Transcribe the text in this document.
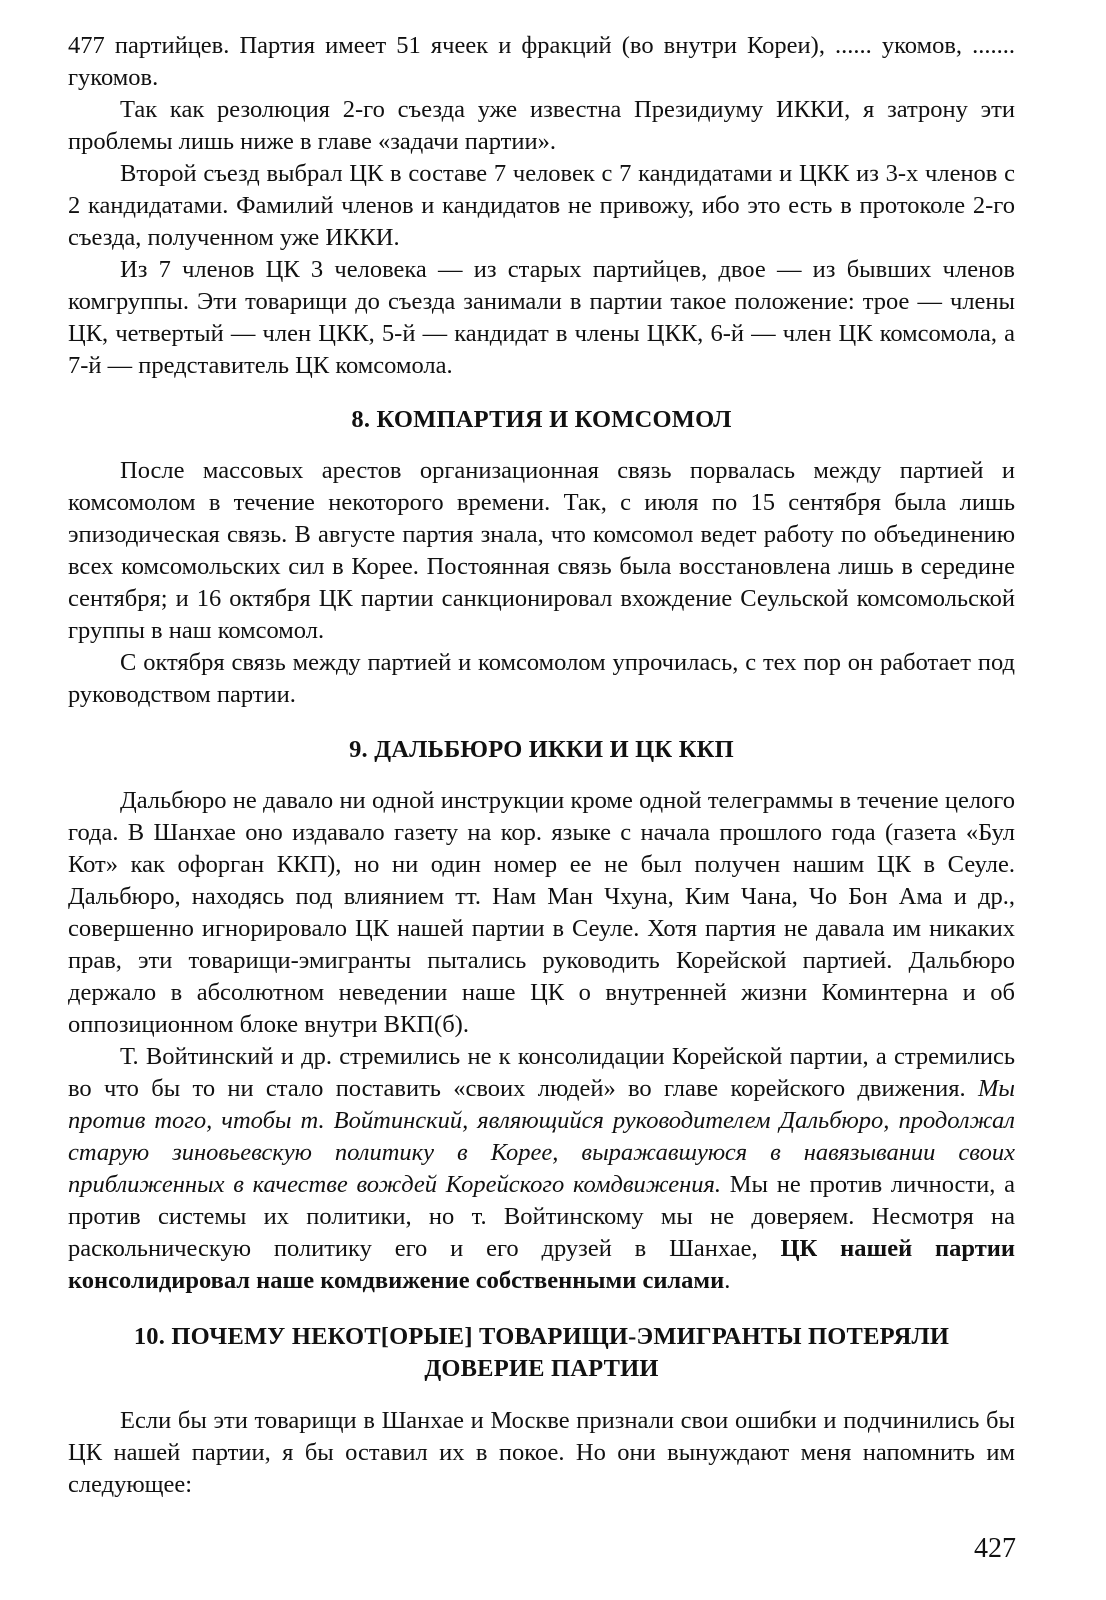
477 партийцев. Партия имеет 51 ячеек и фракций (во внутри Кореи), ...... укомов, ....... гукомов.

Так как резолюция 2-го съезда уже известна Президиуму ИККИ, я затрону эти проблемы лишь ниже в главе «задачи партии».

Второй съезд выбрал ЦК в составе 7 человек с 7 кандидатами и ЦКК из 3-х членов с 2 кандидатами. Фамилий членов и кандидатов не привожу, ибо это есть в протоколе 2-го съезда, полученном уже ИККИ.

Из 7 членов ЦК 3 человека — из старых партийцев, двое — из бывших членов комгруппы. Эти товарищи до съезда занимали в партии такое положение: трое — члены ЦК, четвертый — член ЦКК, 5-й — кандидат в члены ЦКК, 6-й — член ЦК комсомола, а 7-й — представитель ЦК комсомола.

8. КОМПАРТИЯ И КОМСОМОЛ

После массовых арестов организационная связь порвалась между партией и комсомолом в течение некоторого времени. Так, с июля по 15 сентября была лишь эпизодическая связь. В августе партия знала, что комсомол ведет работу по объединению всех комсомольских сил в Корее. Постоянная связь была восстановлена лишь в середине сентября; и 16 октября ЦК партии санкционировал вхождение Сеульской комсомольской группы в наш комсомол.

С октября связь между партией и комсомолом упрочилась, с тех пор он работает под руководством партии.

9. ДАЛЬБЮРО ИККИ И ЦК ККП

Дальбюро не давало ни одной инструкции кроме одной телеграммы в течение целого года. В Шанхае оно издавало газету на кор. языке с начала прошлого года (газета «Бул Кот» как офорган ККП), но ни один номер ее не был получен нашим ЦК в Сеуле. Дальбюро, находясь под влиянием тт. Нам Ман Чхуна, Ким Чана, Чо Бон Ама и др., совершенно игнорировало ЦК нашей партии в Сеуле. Хотя партия не давала им никаких прав, эти товарищи-эмигранты пытались руководить Корейской партией. Дальбюро держало в абсолютном неведении наше ЦК о внутренней жизни Коминтерна и об оппозиционном блоке внутри ВКП(б).

Т. Войтинский и др. стремились не к консолидации Корейской партии, а стремились во что бы то ни стало поставить «своих людей» во главе корейского движения. Мы против того, чтобы т. Войтинский, являющийся руководителем Дальбюро, продолжал старую зиновьевскую политику в Корее, выражавшуюся в навязывании своих приближенных в качестве вождей Корейского комдвижения. Мы не против личности, а против системы их политики, но т. Войтинскому мы не доверяем. Несмотря на раскольническую политику его и его друзей в Шанхае, ЦК нашей партии консолидировал наше комдвижение собственными силами.

10. ПОЧЕМУ НЕКОТ[ОРЫЕ] ТОВАРИЩИ-ЭМИГРАНТЫ ПОТЕРЯЛИ
ДОВЕРИЕ ПАРТИИ

Если бы эти товарищи в Шанхае и Москве признали свои ошибки и подчинились бы ЦК нашей партии, я бы оставил их в покое. Но они вынуждают меня напомнить им следующее:

427
